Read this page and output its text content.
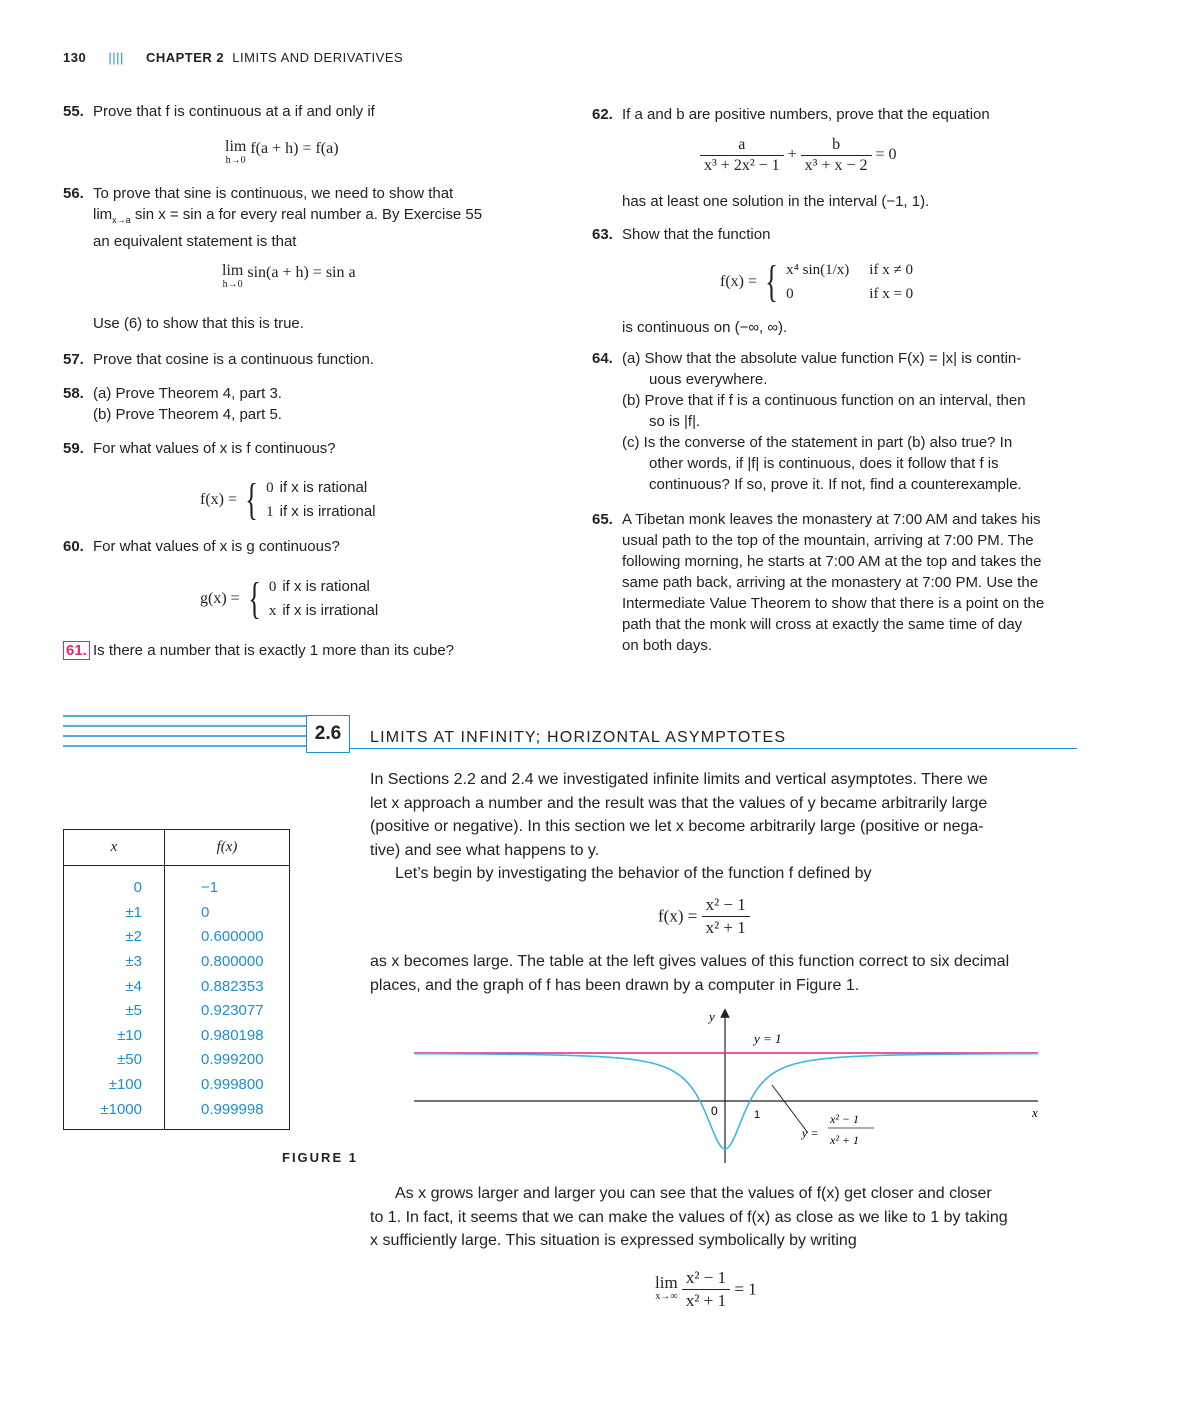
130 |||| CHAPTER 2 LIMITS AND DERIVATIVES
55. Prove that f is continuous at a if and only if
lim
h→0
f(a + h) = f(a)
56. To prove that sine is continuous, we need to show that
$\lim_{x\to a} \sin x = \sin a$ for every real number a. By Exercise 55
an equivalent statement is that
lim
h→0
sin(a + h) = sin a
Use (6) to show that this is true.
57. Prove that cosine is a continuous function.
58. (a) Prove Theorem 4, part 3.
(b) Prove Theorem 4, part 5.
59. For what values of x is f continuous?
f(x) = { 0	if x is rational
1	if x is irrational
60. For what values of x is g continuous?
g(x) = { 0	if x is rational
x	if x is irrational
61. Is there a number that is exactly 1 more than its cube?
62. If a and b are positive numbers, prove that the equation
$\frac{a}{\text{x³ + 2x² − 1}} + \frac{b}{\text{x³ + x − 2}} = 0$
has at least one solution in the interval (−1, 1).
63. Show that the function
f(x) = { x⁴ sin(1/x)	if x ≠ 0
0	if x = 0
is continuous on (−∞, ∞).
64. (a) Show that the absolute value function F(x) = |x| is contin-
uous everywhere.
(b) Prove that if f is a continuous function on an interval, then
so is |f|.
(c) Is the converse of the statement in part (b) also true? In
other words, if |f| is continuous, does it follow that f is
continuous? If so, prove it. If not, find a counterexample.
65. A Tibetan monk leaves the monastery at 7:00 AM and takes his
usual path to the top of the mountain, arriving at 7:00 PM. The
following morning, he starts at 7:00 AM at the top and takes the
same path back, arriving at the monastery at 7:00 PM. Use the
Intermediate Value Theorem to show that there is a point on the
path that the monk will cross at exactly the same time of day
on both days.
2.6	LIMITS AT INFINITY; HORIZONTAL ASYMPTOTES
In Sections 2.2 and 2.4 we investigated infinite limits and vertical asymptotes. There we
let x approach a number and the result was that the values of y became arbitrarily large
(positive or negative). In this section we let x become arbitrarily large (positive or nega-
tive) and see what happens to y.
Let’s begin by investigating the behavior of the function f defined by
$f(x) = \frac{\text{x² − 1}}{\text{x² + 1}}$
as x becomes large. The table at the left gives values of this function correct to six decimal
places, and the graph of f has been drawn by a computer in Figure 1.
x	f(x)

0	−1
±1	0
±2	0.600000
±3	0.800000
±4	0.882353
±5	0.923077
±10	0.980198
±50	0.999200
±100	0.999800
±1000	0.999998

FIGURE 1
y
x
0	1
y = 1
y =
x² − 1
x² + 1
As x grows larger and larger you can see that the values of f(x) get closer and closer
to 1. In fact, it seems that we can make the values of f(x) as close as we like to 1 by taking
x sufficiently large. This situation is expressed symbolically by writing
lim
x→∞
$\frac{\text{x² − 1}}{\text{x² + 1}} = 1$
